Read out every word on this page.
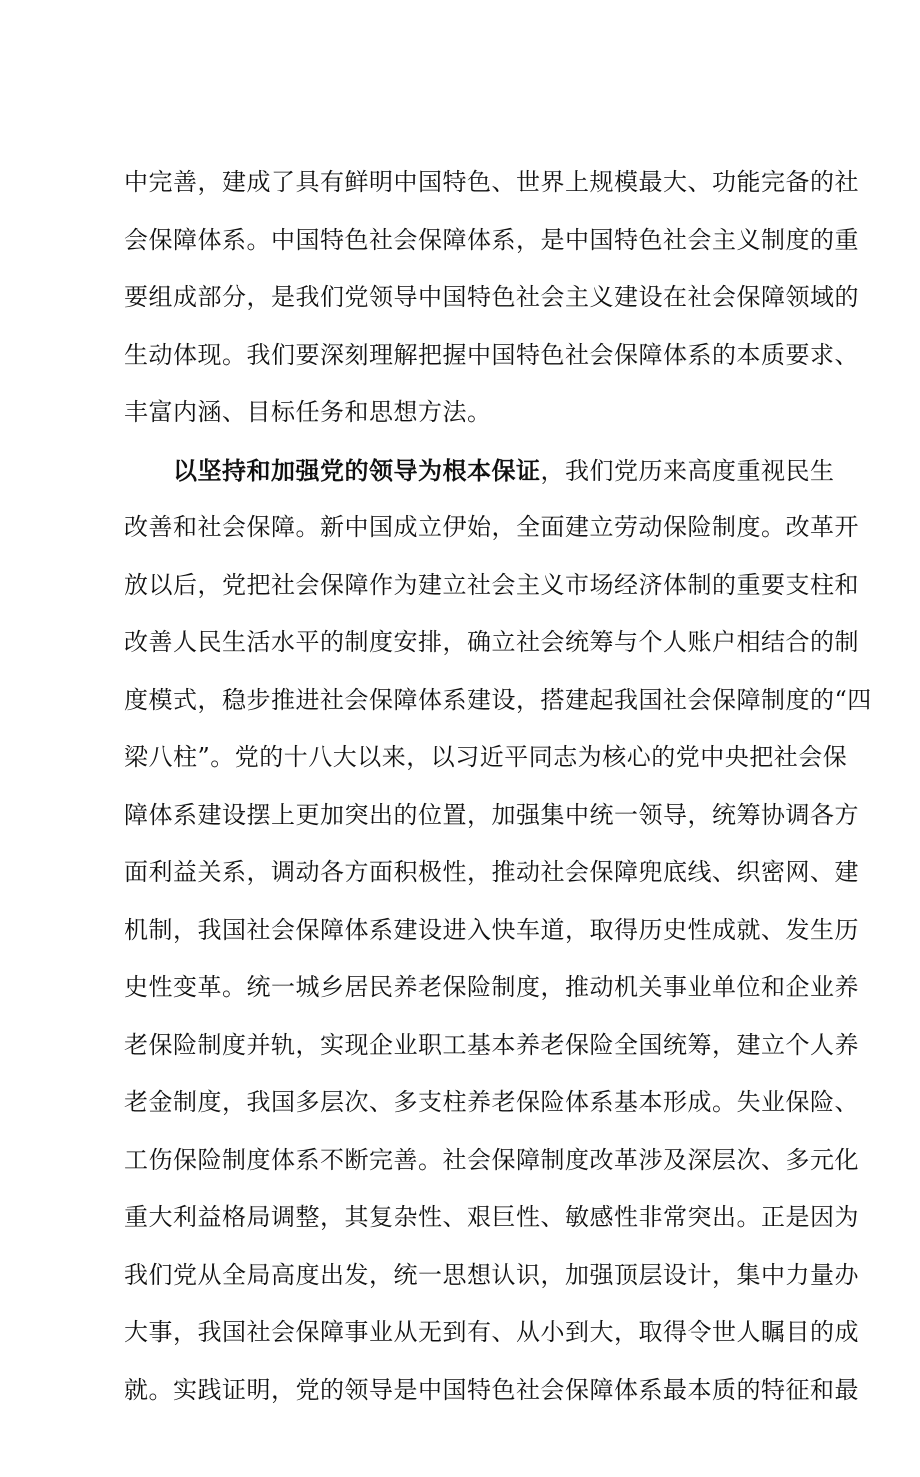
中完善，建成了具有鲜明中国特色、世界上规模最大、功能完备的社
会保障体系。中国特色社会保障体系，是中国特色社会主义制度的重
要组成部分，是我们党领导中国特色社会主义建设在社会保障领域的
生动体现。我们要深刻理解把握中国特色社会保障体系的本质要求、
丰富内涵、目标任务和思想方法。
以坚持和加强党的领导为根本保证，我们党历来高度重视民生
改善和社会保障。新中国成立伊始，全面建立劳动保险制度。改革开
放以后，党把社会保障作为建立社会主义市场经济体制的重要支柱和
改善人民生活水平的制度安排，确立社会统筹与个人账户相结合的制
度模式，稳步推进社会保障体系建设，搭建起我国社会保障制度的“四
梁八柱”。党的十八大以来，以习近平同志为核心的党中央把社会保
障体系建设摆上更加突出的位置，加强集中统一领导，统筹协调各方
面利益关系，调动各方面积极性，推动社会保障兜底线、织密网、建
机制，我国社会保障体系建设进入快车道，取得历史性成就、发生历
史性变革。统一城乡居民养老保险制度，推动机关事业单位和企业养
老保险制度并轨，实现企业职工基本养老保险全国统筹，建立个人养
老金制度，我国多层次、多支柱养老保险体系基本形成。失业保险、
工伤保险制度体系不断完善。社会保障制度改革涉及深层次、多元化
重大利益格局调整，其复杂性、艰巨性、敏感性非常突出。正是因为
我们党从全局高度出发，统一思想认识，加强顶层设计，集中力量办
大事，我国社会保障事业从无到有、从小到大，取得令世人瞩目的成
就。实践证明，党的领导是中国特色社会保障体系最本质的特征和最
